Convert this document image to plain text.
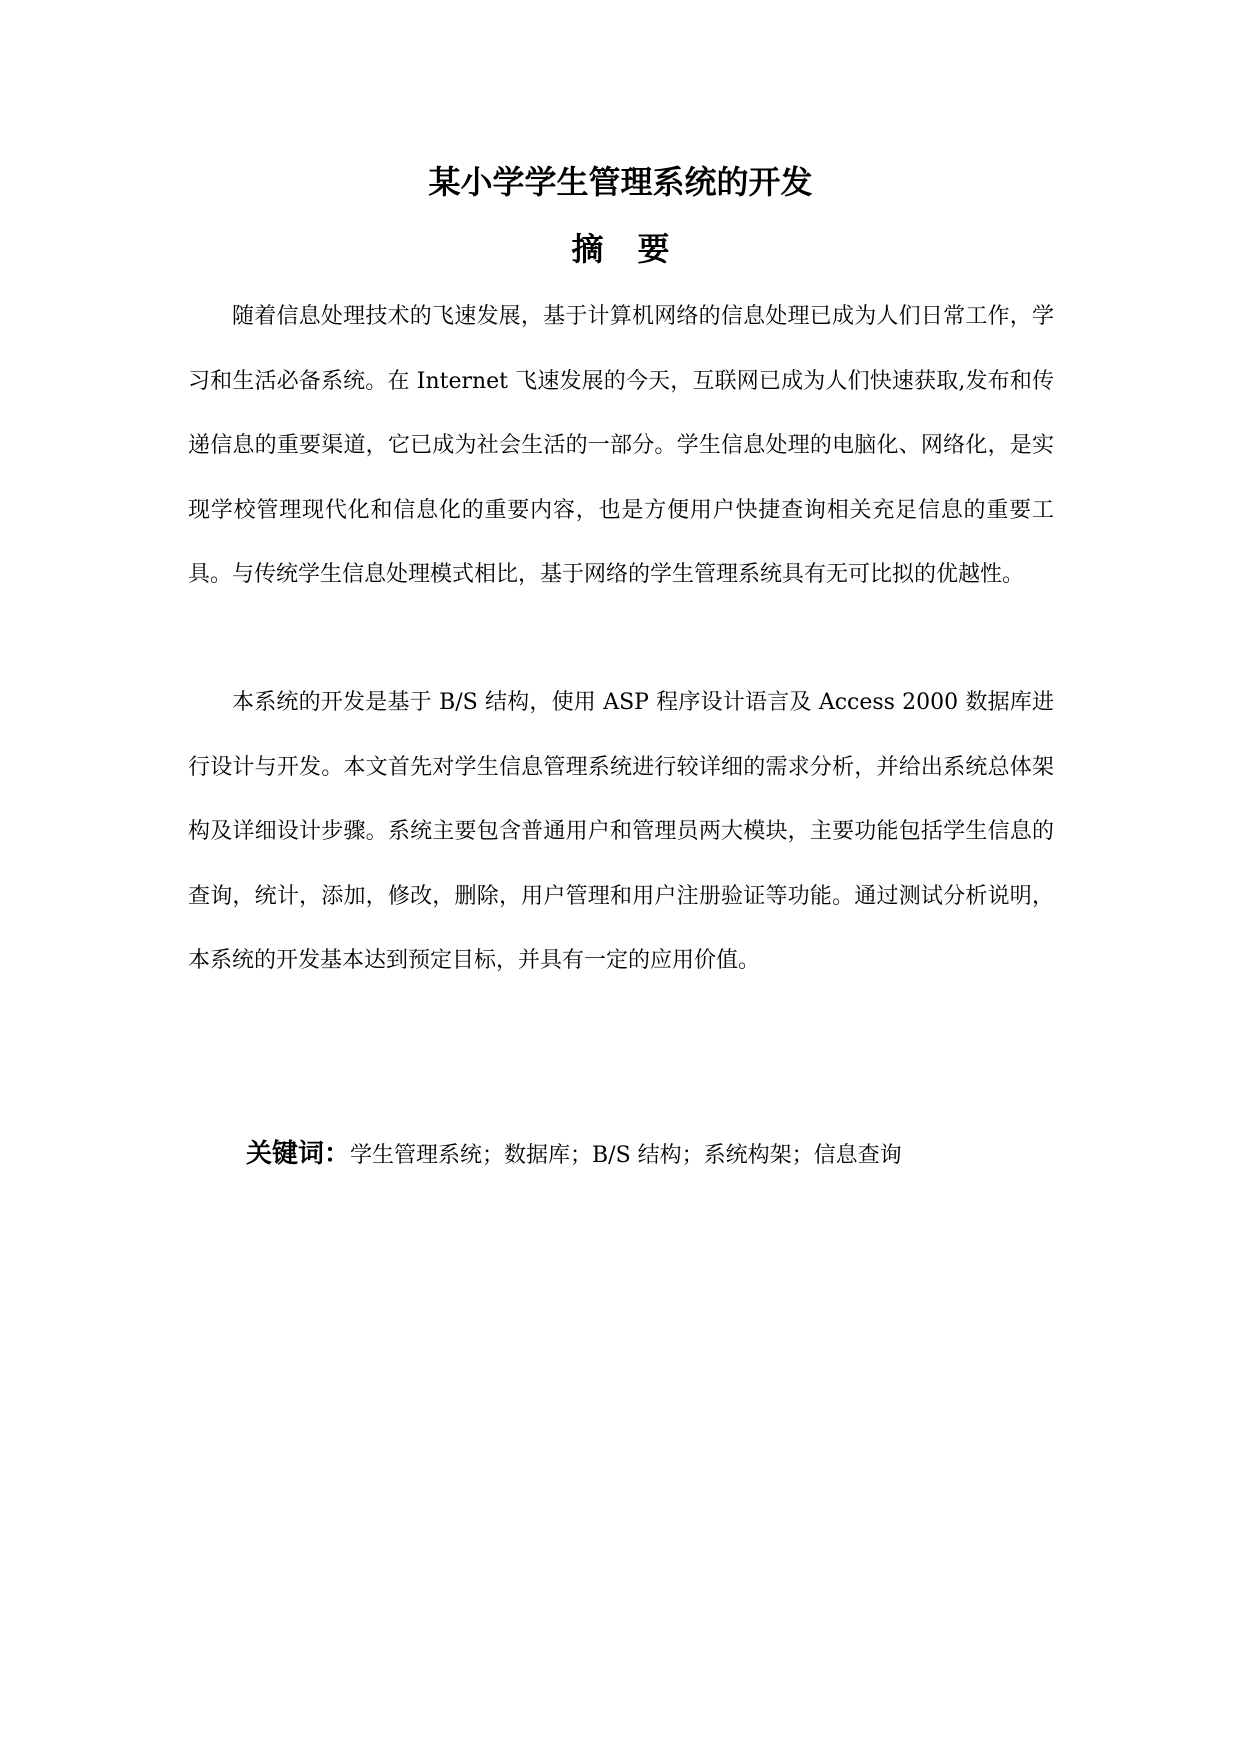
某小学学生管理系统的开发
摘要

随着信息处理技术的飞速发展，基于计算机网络的信息处理已成为人们日常工作，学习和生活必备系统。在 Internet 飞速发展的今天，互联网已成为人们快速获取,发布和传递信息的重要渠道，它已成为社会生活的一部分。学生信息处理的电脑化、网络化，是实现学校管理现代化和信息化的重要内容，也是方便用户快捷查询相关充足信息的重要工具。与传统学生信息处理模式相比，基于网络的学生管理系统具有无可比拟的优越性。

本系统的开发是基于 B/S 结构，使用 ASP 程序设计语言及 Access 2000 数据库进行设计与开发。本文首先对学生信息管理系统进行较详细的需求分析，并给出系统总体架构及详细设计步骤。系统主要包含普通用户和管理员两大模块，主要功能包括学生信息的查询，统计，添加，修改，删除，用户管理和用户注册验证等功能。通过测试分析说明，本系统的开发基本达到预定目标，并具有一定的应用价值。

关键词：学生管理系统；数据库；B/S 结构；系统构架；信息查询
